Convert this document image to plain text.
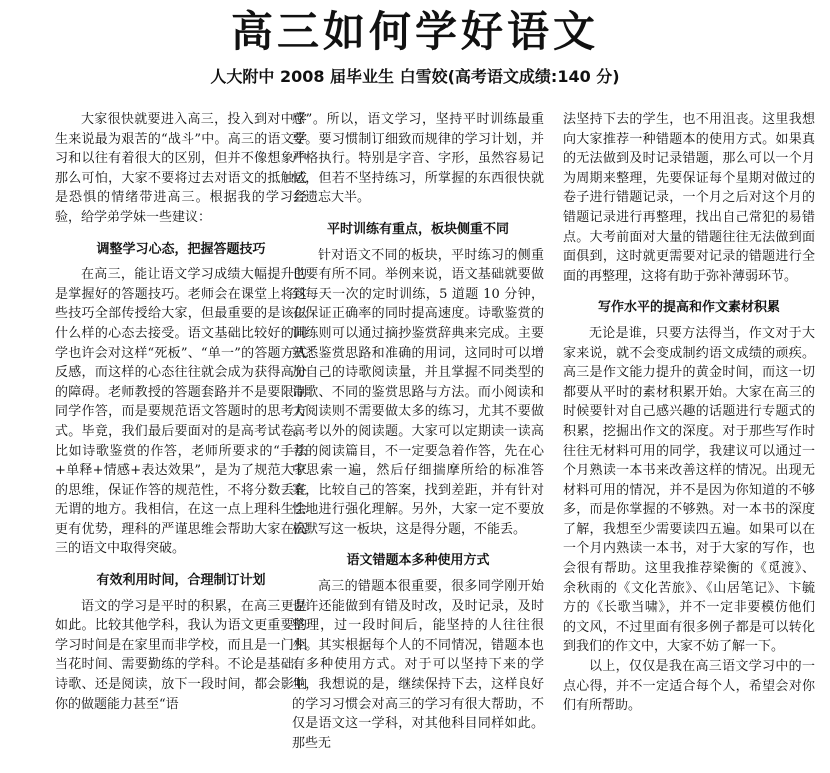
高三如何学好语文
人大附中 2008 届毕业生 白雪姣(高考语文成绩:140 分)

大家很快就要进入高三，投入到对中学生来说最为艰苦的“战斗”中。高三的语文学习和以往有着很大的区别，但并不像想象中那么可怕，大家不要将过去对语文的抵触或是恐惧的情绪带进高三。根据我的学习经验，给学弟学妹一些建议：

调整学习心态，把握答题技巧

在高三，能让语文学习成绩大幅提升的是掌握好的答题技巧。老师会在课堂上将这些技巧全部传授给大家，但最重要的是该以什么样的心态去接受。语文基础比较好的同学也许会对这样“死板”、“单一”的答题方式反感，而这样的心态往往就会成为获得高分的障碍。老师教授的答题套路并不是要限制同学作答，而是要规范语文答题时的思考方式。毕竟，我们最后要面对的是高考试卷。比如诗歌鉴赏的作答，老师所要求的“手法+单释+情感+表达效果”，是为了规范大家的思维，保证作答的规范性，不将分数丢在无谓的地方。我相信，在这一点上理科生会更有优势，理科的严谨思维会帮助大家在高三的语文中取得突破。

有效利用时间，合理制订计划

语文的学习是平时的积累，在高三更是如此。比较其他学科，我认为语文更重要的学习时间是在家里而非学校，而且是一门相当花时间、需要勤练的学科。不论是基础、诗歌、还是阅读，放下一段时间，都会影响你的做题能力甚至“语

感”。所以，语文学习，坚持平时训练最重要。要习惯制订细致而规律的学习计划，并严格执行。特别是字音、字形，虽然容易记忆，但若不坚持练习，所掌握的东西很快就会遗忘大半。

平时训练有重点，板块侧重不同

针对语文不同的板块，平时练习的侧重也要有所不同。举例来说，语文基础就要做到每天一次的定时训练，5 道题 10 分钟，在保证正确率的同时提高速度。诗歌鉴赏的训练则可以通过摘抄鉴赏辞典来完成。主要熟悉鉴赏思路和准确的用词，这同时可以增加自己的诗歌阅读量，并且掌握不同类型的诗歌、不同的鉴赏思路与方法。而小阅读和大阅读则不需要做太多的练习，尤其不要做高考以外的阅读题。大家可以定期读一读高考的阅读篇目，不一定要急着作答，先在心中思索一遍，然后仔细揣摩所给的标准答案，比较自己的答案，找到差距，并有针对性地进行强化理解。另外，大家一定不要放松默写这一板块，这是得分题，不能丢。

语文错题本多种使用方式

高三的错题本很重要，很多同学刚开始也许还能做到有错及时改，及时记录，及时整理，过一段时间后，能坚持的人往往很少。其实根据每个人的不同情况，错题本也有多种使用方式。对于可以坚持下来的学生，我想说的是，继续保持下去，这样良好的学习习惯会对高三的学习有很大帮助，不仅是语文这一学科，对其他科目同样如此。那些无

法坚持下去的学生，也不用沮丧。这里我想向大家推荐一种错题本的使用方式。如果真的无法做到及时记录错题，那么可以一个月为周期来整理，先要保证每个星期对做过的卷子进行错题记录，一个月之后对这个月的错题记录进行再整理，找出自己常犯的易错点。大考前面对大量的错题往往无法做到面面俱到，这时就更需要对记录的错题进行全面的再整理，这将有助于弥补薄弱环节。

写作水平的提高和作文素材积累

无论是谁，只要方法得当，作文对于大家来说，就不会变成制约语文成绩的顽疾。高三是作文能力提升的黄金时间，而这一切都要从平时的素材积累开始。大家在高三的时候要针对自己感兴趣的话题进行专题式的积累，挖掘出作文的深度。对于那些写作时往往无材料可用的同学，我建议可以通过一个月熟读一本书来改善这样的情况。出现无材料可用的情况，并不是因为你知道的不够多，而是你掌握的不够熟。对一本书的深度了解，我想至少需要读四五遍。如果可以在一个月内熟读一本书，对于大家的写作，也会很有帮助。这里我推荐梁衡的《觅渡》、余秋雨的《文化苦旅》、《山居笔记》、卞毓方的《长歌当啸》，并不一定非要模仿他们的文风，不过里面有很多例子都是可以转化到我们的作文中，大家不妨了解一下。

以上，仅仅是我在高三语文学习中的一点心得，并不一定适合每个人，希望会对你们有所帮助。
